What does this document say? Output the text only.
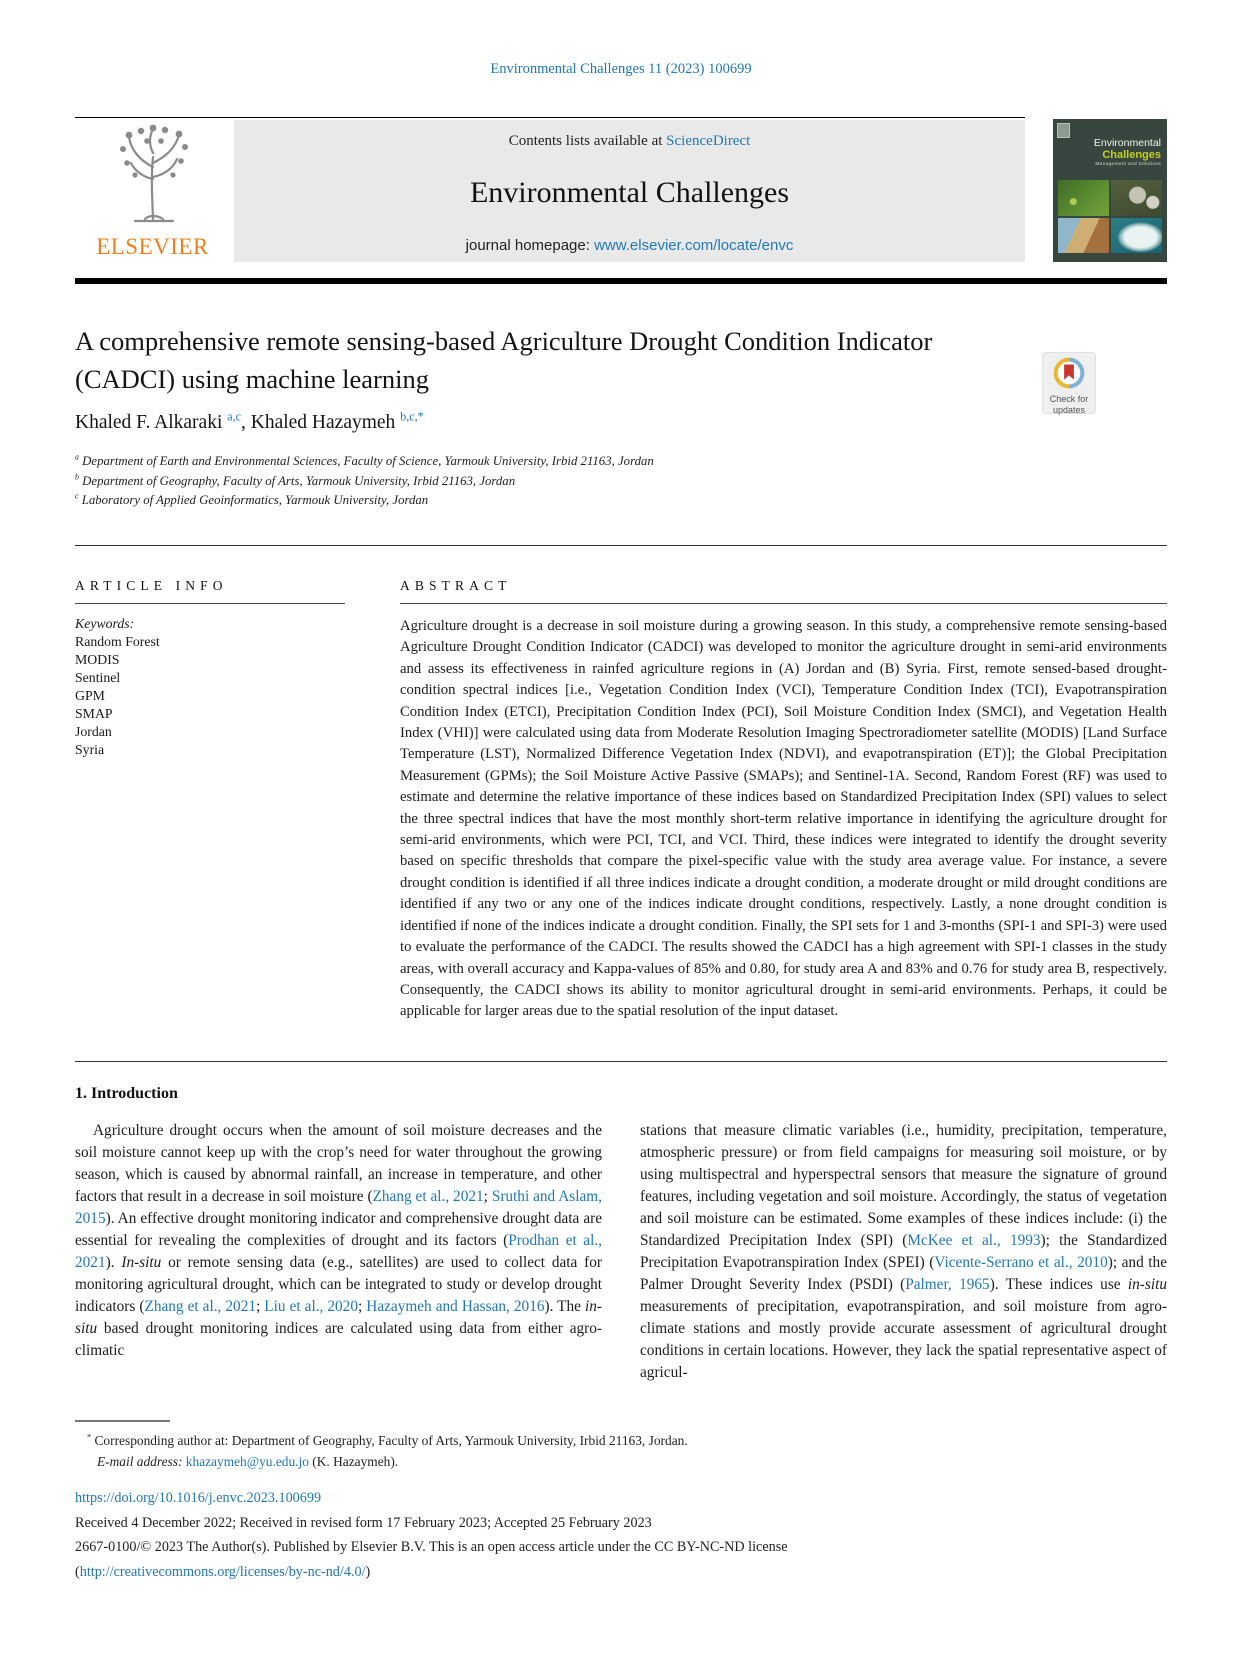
Environmental Challenges 11 (2023) 100699
ELSEVIER
Contents lists available at ScienceDirect
Environmental Challenges
journal homepage: www.elsevier.com/locate/envc
Environmental
Challenges
Management and Solutions
A comprehensive remote sensing-based Agriculture Drought Condition Indicator (CADCI) using machine learning
Check for updates
Khaled F. Alkaraki $^{a,c}$, Khaled Hazaymeh $^{b,c,*}$
$^a$ Department of Earth and Environmental Sciences, Faculty of Science, Yarmouk University, Irbid 21163, Jordan
$^b$ Department of Geography, Faculty of Arts, Yarmouk University, Irbid 21163, Jordan
$^c$ Laboratory of Applied Geoinformatics, Yarmouk University, Jordan
ARTICLE INFO
Keywords:
Random Forest
MODIS
Sentinel
GPM
SMAP
Jordan
Syria
ABSTRACT

Agriculture drought is a decrease in soil moisture during a growing season. In this study, a comprehensive remote sensing-based Agriculture Drought Condition Indicator (CADCI) was developed to monitor the agriculture drought in semi-arid environments and assess its effectiveness in rainfed agriculture regions in (A) Jordan and (B) Syria. First, remote sensed-based drought-condition spectral indices [i.e., Vegetation Condition Index (VCI), Temperature Condition Index (TCI), Evapotranspiration Condition Index (ETCI), Precipitation Condition Index (PCI), Soil Moisture Condition Index (SMCI), and Vegetation Health Index (VHI)] were calculated using data from Moderate Resolution Imaging Spectroradiometer satellite (MODIS) [Land Surface Temperature (LST), Normalized Difference Vegetation Index (NDVI), and evapotranspiration (ET)]; the Global Precipitation Measurement (GPMs); the Soil Moisture Active Passive (SMAPs); and Sentinel-1A. Second, Random Forest (RF) was used to estimate and determine the relative importance of these indices based on Standardized Precipitation Index (SPI) values to select the three spectral indices that have the most monthly short-term relative importance in identifying the agriculture drought for semi-arid environments, which were PCI, TCI, and VCI. Third, these indices were integrated to identify the drought severity based on specific thresholds that compare the pixel-specific value with the study area average value. For instance, a severe drought condition is identified if all three indices indicate a drought condition, a moderate drought or mild drought conditions are identified if any two or any one of the indices indicate drought conditions, respectively. Lastly, a none drought condition is identified if none of the indices indicate a drought condition. Finally, the SPI sets for 1 and 3-months (SPI-1 and SPI-3) were used to evaluate the performance of the CADCI. The results showed the CADCI has a high agreement with SPI-1 classes in the study areas, with overall accuracy and Kappa-values of 85% and 0.80, for study area A and 83% and 0.76 for study area B, respectively. Consequently, the CADCI shows its ability to monitor agricultural drought in semi-arid environments. Perhaps, it could be applicable for larger areas due to the spatial resolution of the input dataset.

1. Introduction

Agriculture drought occurs when the amount of soil moisture decreases and the soil moisture cannot keep up with the crop’s need for water throughout the growing season, which is caused by abnormal rainfall, an increase in temperature, and other factors that result in a decrease in soil moisture (Zhang et al., 2021; Sruthi and Aslam, 2015). An effective drought monitoring indicator and comprehensive drought data are essential for revealing the complexities of drought and its factors (Prodhan et al., 2021). In-situ or remote sensing data (e.g., satellites) are used to collect data for monitoring agricultural drought, which can be integrated to study or develop drought indicators (Zhang et al., 2021; Liu et al., 2020; Hazaymeh and Hassan, 2016). The in-situ based drought monitoring indices are calculated using data from either agro-climatic

stations that measure climatic variables (i.e., humidity, precipitation, temperature, atmospheric pressure) or from field campaigns for measuring soil moisture, or by using multispectral and hyperspectral sensors that measure the signature of ground features, including vegetation and soil moisture. Accordingly, the status of vegetation and soil moisture can be estimated. Some examples of these indices include: (i) the Standardized Precipitation Index (SPI) (McKee et al., 1993); the Standardized Precipitation Evapotranspiration Index (SPEI) (Vicente-Serrano et al., 2010); and the Palmer Drought Severity Index (PSDI) (Palmer, 1965). These indices use in-situ measurements of precipitation, evapotranspiration, and soil moisture from agro-climate stations and mostly provide accurate assessment of agricultural drought conditions in certain locations. However, they lack the spatial representative aspect of agricul-

* Corresponding author at: Department of Geography, Faculty of Arts, Yarmouk University, Irbid 21163, Jordan.
E-mail address: khazaymeh@yu.edu.jo (K. Hazaymeh).
https://doi.org/10.1016/j.envc.2023.100699
Received 4 December 2022; Received in revised form 17 February 2023; Accepted 25 February 2023
2667-0100/© 2023 The Author(s). Published by Elsevier B.V. This is an open access article under the CC BY-NC-ND license
(http://creativecommons.org/licenses/by-nc-nd/4.0/)
